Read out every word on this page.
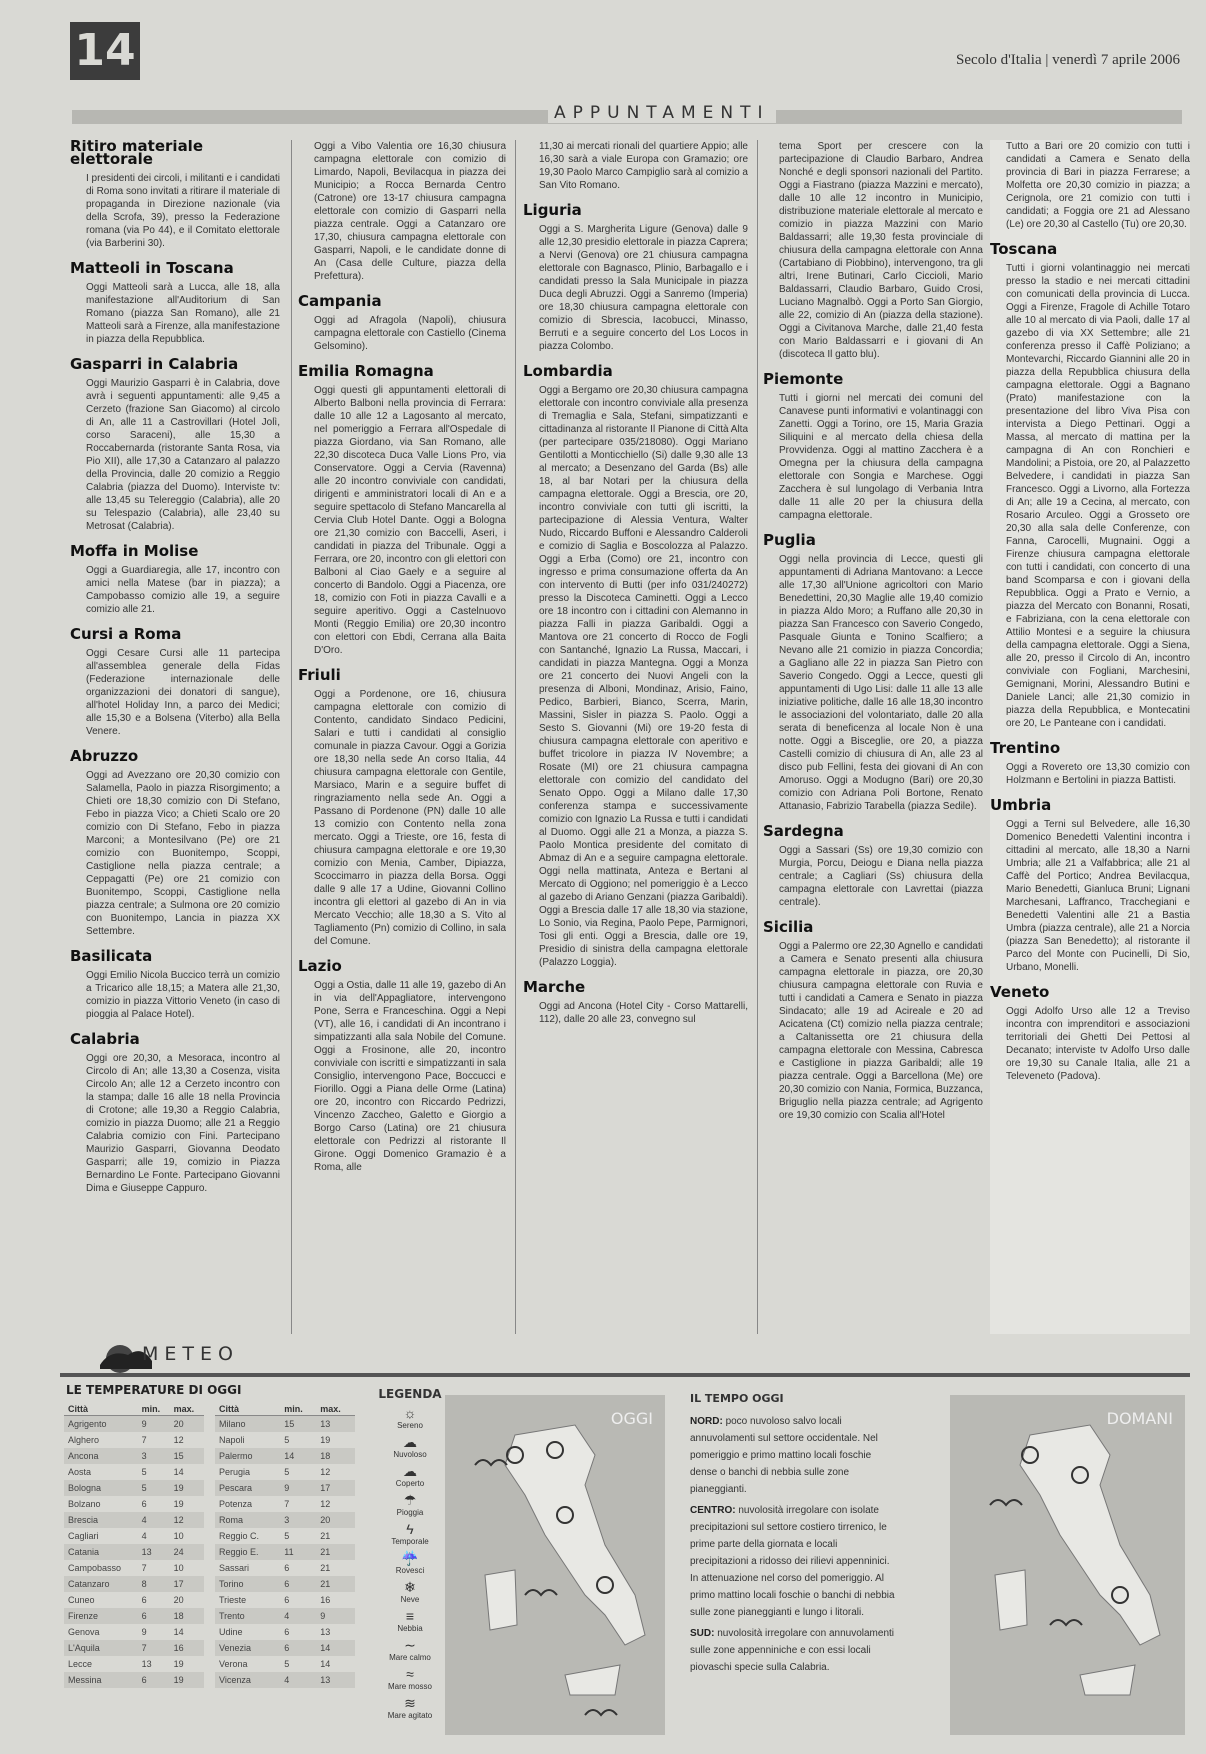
14	Secolo d'Italia | venerdì 7 aprile 2006
APPUNTAMENTI
Ritiro materiale elettorale

I presidenti dei circoli, i militanti e i candidati di Roma sono invitati a ritirare il materiale di propaganda in Direzione nazionale (via della Scrofa, 39), presso la Federazione romana (via Po 44), e il Comitato elettorale (via Barberini 30).

Matteoli in Toscana

Oggi Matteoli sarà a Lucca, alle 18, alla manifestazione all'Auditorium di San Romano (piazza San Romano), alle 21 Matteoli sarà a Firenze, alla manifestazione in piazza della Repubblica.

Gasparri in Calabria

Oggi Maurizio Gasparri è in Calabria, dove avrà i seguenti appuntamenti: alle 9,45 a Cerzeto (frazione San Giacomo) al circolo di An, alle 11 a Castrovillari (Hotel Jolì, corso Saraceni), alle 15,30 a Roccabernarda (ristorante Santa Rosa, via Pio XII), alle 17,30 a Catanzaro al palazzo della Provincia, dalle 20 comizio a Reggio Calabria (piazza del Duomo). Interviste tv: alle 13,45 su Telereggio (Calabria), alle 20 su Telespazio (Calabria), alle 23,40 su Metrosat (Calabria).

Moffa in Molise

Oggi a Guardiaregia, alle 17, incontro con amici nella Matese (bar in piazza); a Campobasso comizio alle 19, a seguire comizio alle 21.

Cursi a Roma

Oggi Cesare Cursi alle 11 partecipa all'assemblea generale della Fidas (Federazione internazionale delle organizzazioni dei donatori di sangue), all'hotel Holiday Inn, a parco dei Medici; alle 15,30 e a Bolsena (Viterbo) alla Bella Venere.

Abruzzo

Oggi ad Avezzano ore 20,30 comizio con Salamella, Paolo in piazza Risorgimento; a Chieti ore 18,30 comizio con Di Stefano, Febo in piazza Vico; a Chieti Scalo ore 20 comizio con Di Stefano, Febo in piazza Marconi; a Montesilvano (Pe) ore 21 comizio con Buonitempo, Scoppi, Castiglione nella piazza centrale; a Ceppagatti (Pe) ore 21 comizio con Buonitempo, Scoppi, Castiglione nella piazza centrale; a Sulmona ore 20 comizio con Buonitempo, Lancia in piazza XX Settembre.

Basilicata

Oggi Emilio Nicola Buccico terrà un comizio a Tricarico alle 18,15; a Matera alle 21,30, comizio in piazza Vittorio Veneto (in caso di pioggia al Palace Hotel).

Calabria

Oggi ore 20,30, a Mesoraca, incontro al Circolo di An; alle 13,30 a Cosenza, visita Circolo An; alle 12 a Cerzeto incontro con la stampa; dalle 16 alle 18 nella Provincia di Crotone; alle 19,30 a Reggio Calabria, comizio in piazza Duomo; alle 21 a Reggio Calabria comizio con Fini. Partecipano Maurizio Gasparri, Giovanna Deodato Gasparri; alle 19, comizio in Piazza Bernardino Le Fonte. Partecipano Giovanni Dima e Giuseppe Cappuro.

Oggi a Vibo Valentia ore 16,30 chiusura campagna elettorale con comizio di Limardo, Napoli, Bevilacqua in piazza dei Municipio; a Rocca Bernarda Centro (Catrone) ore 13-17 chiusura campagna elettorale con comizio di Gasparri nella piazza centrale. Oggi a Catanzaro ore 17,30, chiusura campagna elettorale con Gasparri, Napoli, e le candidate donne di An (Casa delle Culture, piazza della Prefettura).

Campania

Oggi ad Afragola (Napoli), chiusura campagna elettorale con Castiello (Cinema Gelsomino).

Emilia Romagna

Oggi questi gli appuntamenti elettorali di Alberto Balboni nella provincia di Ferrara: dalle 10 alle 12 a Lagosanto al mercato, nel pomeriggio a Ferrara all'Ospedale di piazza Giordano, via San Romano, alle 22,30 discoteca Duca Valle Lions Pro, via Conservatore. Oggi a Cervia (Ravenna) alle 20 incontro conviviale con candidati, dirigenti e amministratori locali di An e a seguire spettacolo di Stefano Mancarella al Cervia Club Hotel Dante. Oggi a Bologna ore 21,30 comizio con Baccelli, Aseri, i candidati in piazza del Tribunale. Oggi a Ferrara, ore 20, incontro con gli elettori con Balboni al Ciao Gaely e a seguire al concerto di Bandolo. Oggi a Piacenza, ore 18, comizio con Foti in piazza Cavalli e a seguire aperitivo. Oggi a Castelnuovo Monti (Reggio Emilia) ore 20,30 incontro con elettori con Ebdi, Cerrana alla Baita D'Oro.

Friuli

Oggi a Pordenone, ore 16, chiusura campagna elettorale con comizio di Contento, candidato Sindaco Pedicini, Salari e tutti i candidati al consiglio comunale in piazza Cavour. Oggi a Gorizia ore 18,30 nella sede An corso Italia, 44 chiusura campagna elettorale con Gentile, Marsiaco, Marin e a seguire buffet di ringraziamento nella sede An. Oggi a Passano di Pordenone (PN) dalle 10 alle 13 comizio con Contento nella zona mercato. Oggi a Trieste, ore 16, festa di chiusura campagna elettorale e ore 19,30 comizio con Menia, Camber, Dipiazza, Scoccimarro in piazza della Borsa. Oggi dalle 9 alle 17 a Udine, Giovanni Collino incontra gli elettori al gazebo di An in via Mercato Vecchio; alle 18,30 a S. Vito al Tagliamento (Pn) comizio di Collino, in sala del Comune.

Lazio

Oggi a Ostia, dalle 11 alle 19, gazebo di An in via dell'Appagliatore, intervengono Pone, Serra e Franceschina. Oggi a Nepi (VT), alle 16, i candidati di An incontrano i simpatizzanti alla sala Nobile del Comune. Oggi a Frosinone, alle 20, incontro conviviale con iscritti e simpatizzanti in sala Consiglio, intervengono Pace, Boccucci e Fiorillo. Oggi a Piana delle Orme (Latina) ore 20, incontro con Riccardo Pedrizzi, Vincenzo Zaccheo, Galetto e Giorgio a Borgo Carso (Latina) ore 21 chiusura elettorale con Pedrizzi al ristorante Il Girone. Oggi Domenico Gramazio è a Roma, alle

11,30 ai mercati rionali del quartiere Appio; alle 16,30 sarà a viale Europa con Gramazio; ore 19,30 Paolo Marco Campiglio sarà al comizio a San Vito Romano.

Liguria

Oggi a S. Margherita Ligure (Genova) dalle 9 alle 12,30 presidio elettorale in piazza Caprera; a Nervi (Genova) ore 21 chiusura campagna elettorale con Bagnasco, Plinio, Barbagallo e i candidati presso la Sala Municipale in piazza Duca degli Abruzzi. Oggi a Sanremo (Imperia) ore 18,30 chiusura campagna elettorale con comizio di Sbrescia, Iacobucci, Minasso, Berruti e a seguire concerto del Los Locos in piazza Colombo.

Lombardia

Oggi a Bergamo ore 20,30 chiusura campagna elettorale con incontro conviviale alla presenza di Tremaglia e Sala, Stefani, simpatizzanti e cittadinanza al ristorante Il Pianone di Città Alta (per partecipare 035/218080). Oggi Mariano Gentilotti a Monticchiello (Si) dalle 9,30 alle 13 al mercato; a Desenzano del Garda (Bs) alle 18, al bar Notari per la chiusura della campagna elettorale. Oggi a Brescia, ore 20, incontro conviviale con tutti gli iscritti, la partecipazione di Alessia Ventura, Walter Nudo, Riccardo Buffoni e Alessandro Calderoli e comizio di Saglia e Boscolozza al Palazzo. Oggi a Erba (Como) ore 21, incontro con ingresso e prima consumazione offerta da An con intervento di Butti (per info 031/240272) presso la Discoteca Caminetti. Oggi a Lecco ore 18 incontro con i cittadini con Alemanno in piazza Falli in piazza Garibaldi. Oggi a Mantova ore 21 concerto di Rocco de Fogli con Santanché, Ignazio La Russa, Maccari, i candidati in piazza Mantegna. Oggi a Monza ore 21 concerto dei Nuovi Angeli con la presenza di Alboni, Mondinaz, Arisio, Faino, Pedico, Barbieri, Bianco, Scerra, Marin, Massini, Sisler in piazza S. Paolo. Oggi a Sesto S. Giovanni (Mi) ore 19-20 festa di chiusura campagna elettorale con aperitivo e buffet tricolore in piazza IV Novembre; a Rosate (MI) ore 21 chiusura campagna elettorale con comizio del candidato del Senato Oppo. Oggi a Milano dalle 17,30 conferenza stampa e successivamente comizio con Ignazio La Russa e tutti i candidati al Duomo. Oggi alle 21 a Monza, a piazza S. Paolo Montica presidente del comitato di Abmaz di An e a seguire campagna elettorale. Oggi nella mattinata, Anteza e Bertani al Mercato di Oggiono; nel pomeriggio è a Lecco al gazebo di Ariano Genzani (piazza Garibaldi). Oggi a Brescia dalle 17 alle 18,30 via stazione, Lo Sonio, via Regina, Paolo Pepe, Parmignori, Tosi gli enti. Oggi a Brescia, dalle ore 19, Presidio di sinistra della campagna elettorale (Palazzo Loggia).

Marche

Oggi ad Ancona (Hotel City - Corso Mattarelli, 112), dalle 20 alle 23, convegno sul

tema Sport per crescere con la partecipazione di Claudio Barbaro, Andrea Nonché e degli sponsori nazionali del Partito. Oggi a Fiastrano (piazza Mazzini e mercato), dalle 10 alle 12 incontro in Municipio, distribuzione materiale elettorale al mercato e comizio in piazza Mazzini con Mario Baldassarri; alle 19,30 festa provinciale di chiusura della campagna elettorale con Anna (Cartabiano di Piobbino), intervengono, tra gli altri, Irene Butinari, Carlo Ciccioli, Mario Baldassarri, Claudio Barbaro, Guido Crosi, Luciano Magnalbò. Oggi a Porto San Giorgio, alle 22, comizio di An (piazza della stazione). Oggi a Civitanova Marche, dalle 21,40 festa con Mario Baldassarri e i giovani di An (discoteca Il gatto blu).

Piemonte

Tutti i giorni nel mercati dei comuni del Canavese punti informativi e volantinaggi con Zanetti. Oggi a Torino, ore 15, Maria Grazia Siliquini e al mercato della chiesa della Provvidenza. Oggi al mattino Zacchera è a Omegna per la chiusura della campagna elettorale con Songia e Marchese. Oggi Zacchera è sul lungolago di Verbania Intra dalle 11 alle 20 per la chiusura della campagna elettorale.

Puglia

Oggi nella provincia di Lecce, questi gli appuntamenti di Adriana Mantovano: a Lecce alle 17,30 all'Unione agricoltori con Mario Benedettini, 20,30 Maglie alle 19,40 comizio in piazza Aldo Moro; a Ruffano alle 20,30 in piazza San Francesco con Saverio Congedo, Pasquale Giunta e Tonino Scalfiero; a Nevano alle 21 comizio in piazza Concordia; a Gagliano alle 22 in piazza San Pietro con Saverio Congedo. Oggi a Lecce, questi gli appuntamenti di Ugo Lisi: dalle 11 alle 13 alle iniziative politiche, dalle 16 alle 18,30 incontro le associazioni del volontariato, dalle 20 alla serata di beneficenza al locale Non è una notte. Oggi a Bisceglie, ore 20, a piazza Castelli comizio di chiusura di An, alle 23 al disco pub Fellini, festa dei giovani di An con Amoruso. Oggi a Modugno (Bari) ore 20,30 comizio con Adriana Poli Bortone, Renato Attanasio, Fabrizio Tarabella (piazza Sedile).

Sardegna

Oggi a Sassari (Ss) ore 19,30 comizio con Murgia, Porcu, Deiogu e Diana nella piazza centrale; a Cagliari (Ss) chiusura della campagna elettorale con Lavrettai (piazza centrale).

Sicilia

Oggi a Palermo ore 22,30 Agnello e candidati a Camera e Senato presenti alla chiusura campagna elettorale in piazza, ore 20,30 chiusura campagna elettorale con Ruvia e tutti i candidati a Camera e Senato in piazza Sindacato; alle 19 ad Acireale e 20 ad Acicatena (Ct) comizio nella piazza centrale; a Caltanissetta ore 21 chiusura della campagna elettorale con Messina, Cabresca e Castiglione in piazza Garibaldi; alle 19 piazza centrale. Oggi a Barcellona (Me) ore 20,30 comizio con Nania, Formica, Buzzanca, Briguglio nella piazza centrale; ad Agrigento ore 19,30 comizio con Scalia all'Hotel

Tutto a Bari ore 20 comizio con tutti i candidati a Camera e Senato della provincia di Bari in piazza Ferrarese; a Molfetta ore 20,30 comizio in piazza; a Cerignola, ore 21 comizio con tutti i candidati; a Foggia ore 21 ad Alessano (Le) ore 20,30 al Castello (Tu) ore 20,30.

Toscana

Tutti i giorni volantinaggio nei mercati presso la stadio e nei mercati cittadini con comunicati della provincia di Lucca. Oggi a Firenze, Fragole di Achille Totaro alle 10 al mercato di via Paoli, dalle 17 al gazebo di via XX Settembre; alle 21 conferenza presso il Caffè Poliziano; a Montevarchi, Riccardo Giannini alle 20 in piazza della Repubblica chiusura della campagna elettorale. Oggi a Bagnano (Prato) manifestazione con la presentazione del libro Viva Pisa con intervista a Diego Pettinari. Oggi a Massa, al mercato di mattina per la campagna di An con Ronchieri e Mandolini; a Pistoia, ore 20, al Palazzetto Belvedere, i candidati in piazza San Francesco. Oggi a Livorno, alla Fortezza di An; alle 19 a Cecina, al mercato, con Rosario Arculeo. Oggi a Grosseto ore 20,30 alla sala delle Conferenze, con Fanna, Carocelli, Mugnaini. Oggi a Firenze chiusura campagna elettorale con tutti i candidati, con concerto di una band Scomparsa e con i giovani della Repubblica. Oggi a Prato e Vernio, a piazza del Mercato con Bonanni, Rosati, e Fabriziana, con la cena elettorale con Attilio Montesi e a seguire la chiusura della campagna elettorale. Oggi a Siena, alle 20, presso il Circolo di An, incontro conviviale con Fogliani, Marchesini, Gemignani, Morini, Alessandro Butini e Daniele Lanci; alle 21,30 comizio in piazza della Repubblica, e Montecatini ore 20, Le Panteane con i candidati.

Trentino

Oggi a Rovereto ore 13,30 comizio con Holzmann e Bertolini in piazza Battisti.

Umbria

Oggi a Terni sul Belvedere, alle 16,30 Domenico Benedetti Valentini incontra i cittadini al mercato, alle 18,30 a Narni Umbria; alle 21 a Valfabbrica; alle 21 al Caffè del Portico; Andrea Bevilacqua, Mario Benedetti, Gianluca Bruni; Lignani Marchesani, Laffranco, Tracchegiani e Benedetti Valentini alle 21 a Bastia Umbra (piazza centrale), alle 21 a Norcia (piazza San Benedetto); al ristorante il Parco del Monte con Pucinelli, Di Sio, Urbano, Monelli.

Veneto

Oggi Adolfo Urso alle 12 a Treviso incontra con imprenditori e associazioni territoriali dei Ghetti Dei Pettosi al Decanato; interviste tv Adolfo Urso dalle ore 19,30 su Canale Italia, alle 21 a Televeneto (Padova).

METEO
LE TEMPERATURE DI OGGI
Città	min.	max.
Agrigento	9	20
Alghero	7	12
Ancona	3	15
Aosta	5	14
Bologna	5	19
Bolzano	6	19
Brescia	4	12
Cagliari	4	10
Catania	13	24
Campobasso	7	10
Catanzaro	8	17
Cuneo	6	20
Firenze	6	18
Genova	9	14
L'Aquila	7	16
Lecce	13	19
Messina	6	19
Città	min.	max.
Milano	15	13
Napoli	5	19
Palermo	14	18
Perugia	5	12
Pescara	9	17
Potenza	7	12
Roma	3	20
Reggio C.	5	21
Reggio E.	11	21
Sassari	6	21
Torino	6	21
Trieste	6	16
Trento	4	9
Udine	6	13
Venezia	6	14
Verona	5	14
Vicenza	4	13
LEGENDA
☼
Sereno
☁
Nuvoloso
☁
Coperto
☂
Pioggia
ϟ
Temporale
☔
Rovesci
❄
Neve
≡
Nebbia
∼
Mare calmo
≈
Mare mosso
≋
Mare agitato
OGGI
IL TEMPO OGGI

NORD: poco nuvoloso salvo locali annuvolamenti sul settore occidentale. Nel pomeriggio e primo mattino locali foschie dense o banchi di nebbia sulle zone pianeggianti.

CENTRO: nuvolosità irregolare con isolate precipitazioni sul settore costiero tirrenico, le prime parte della giornata e locali precipitazioni a ridosso dei rilievi appenninici. In attenuazione nel corso del pomeriggio. Al primo mattino locali foschie o banchi di nebbia sulle zone pianeggianti e lungo i litorali.

SUD: nuvolosità irregolare con annuvolamenti sulle zone appenniniche e con essi locali piovaschi specie sulla Calabria.

DOMANI
